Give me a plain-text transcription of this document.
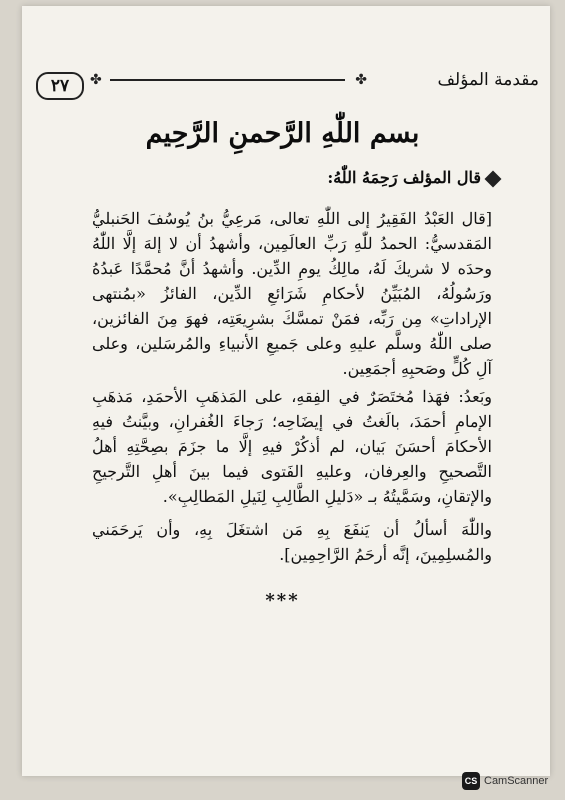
✤	✤
٢٧	مقدمة المؤلف
بسم اللّٰهِ الرَّحمنِ الرَّحِيم
قال المؤلف رَحِمَهُ اللّٰهُ:
[قال العَبْدُ الفَقِيرُ إلى اللّٰهِ تعالى، مَرعِيُّ بنُ يُوسُفَ الحَنبليُّ المَقدسيُّ: الحمدُ للّٰهِ رَبِّ العالَمِين، وأشهدُ أن لا إلهَ إلَّا اللّٰهُ وحدَه لا شريكَ لَهُ، مالِكُ يومِ الدِّين. وأشهدُ أنَّ مُحمَّدًا عَبدُهُ ورَسُولُهُ، المُبَيِّنُ لأحكامِ شَرَائعِ الدِّين، الفائزُ «بمُنتهى الإراداتِ» مِن رَبِّه، فمَنْ تمسَّكَ بشرِيعَتِه، فهوَ مِنَ الفائزين، صلى اللّٰهُ وسلَّم عليهِ وعلى جَميعِ الأنبياءِ والمُرسَلين، وعلى آلِ كُلٍّ وصَحبِهِ أجمَعِين.
وبَعدُ: فهَذا مُختَصَرٌ في الفِقهِ، على المَذهَبِ الأحمَدِ، مَذهَبِ الإمامِ أحمَدَ، بالَغتُ في إيضَاحِه؛ رَجاءَ الغُفرانِ، وبيَّنتُ فيهِ الأحكامَ أحسَنَ بَيان، لم أذكُرْ فيهِ إلَّا ما جزَمَ بصِحَّتِهِ أهلُ التَّصحيحِ والعِرفان، وعليهِ الفَتوى فيما بينَ أهلِ التَّرجيحِ والإتقانِ، وسَمَّيتُهُ بـ «دَليلِ الطَّالِبِ لِنَيلِ المَطالِبِ».
واللّٰهَ أسألُ أن يَنفَعَ بِهِ مَن اشتغَلَ بِهِ، وأن يَرحَمَني والمُسلِمِينَ، إنَّه أرحَمُ الرَّاحِمِين].
***
CS CamScanner
